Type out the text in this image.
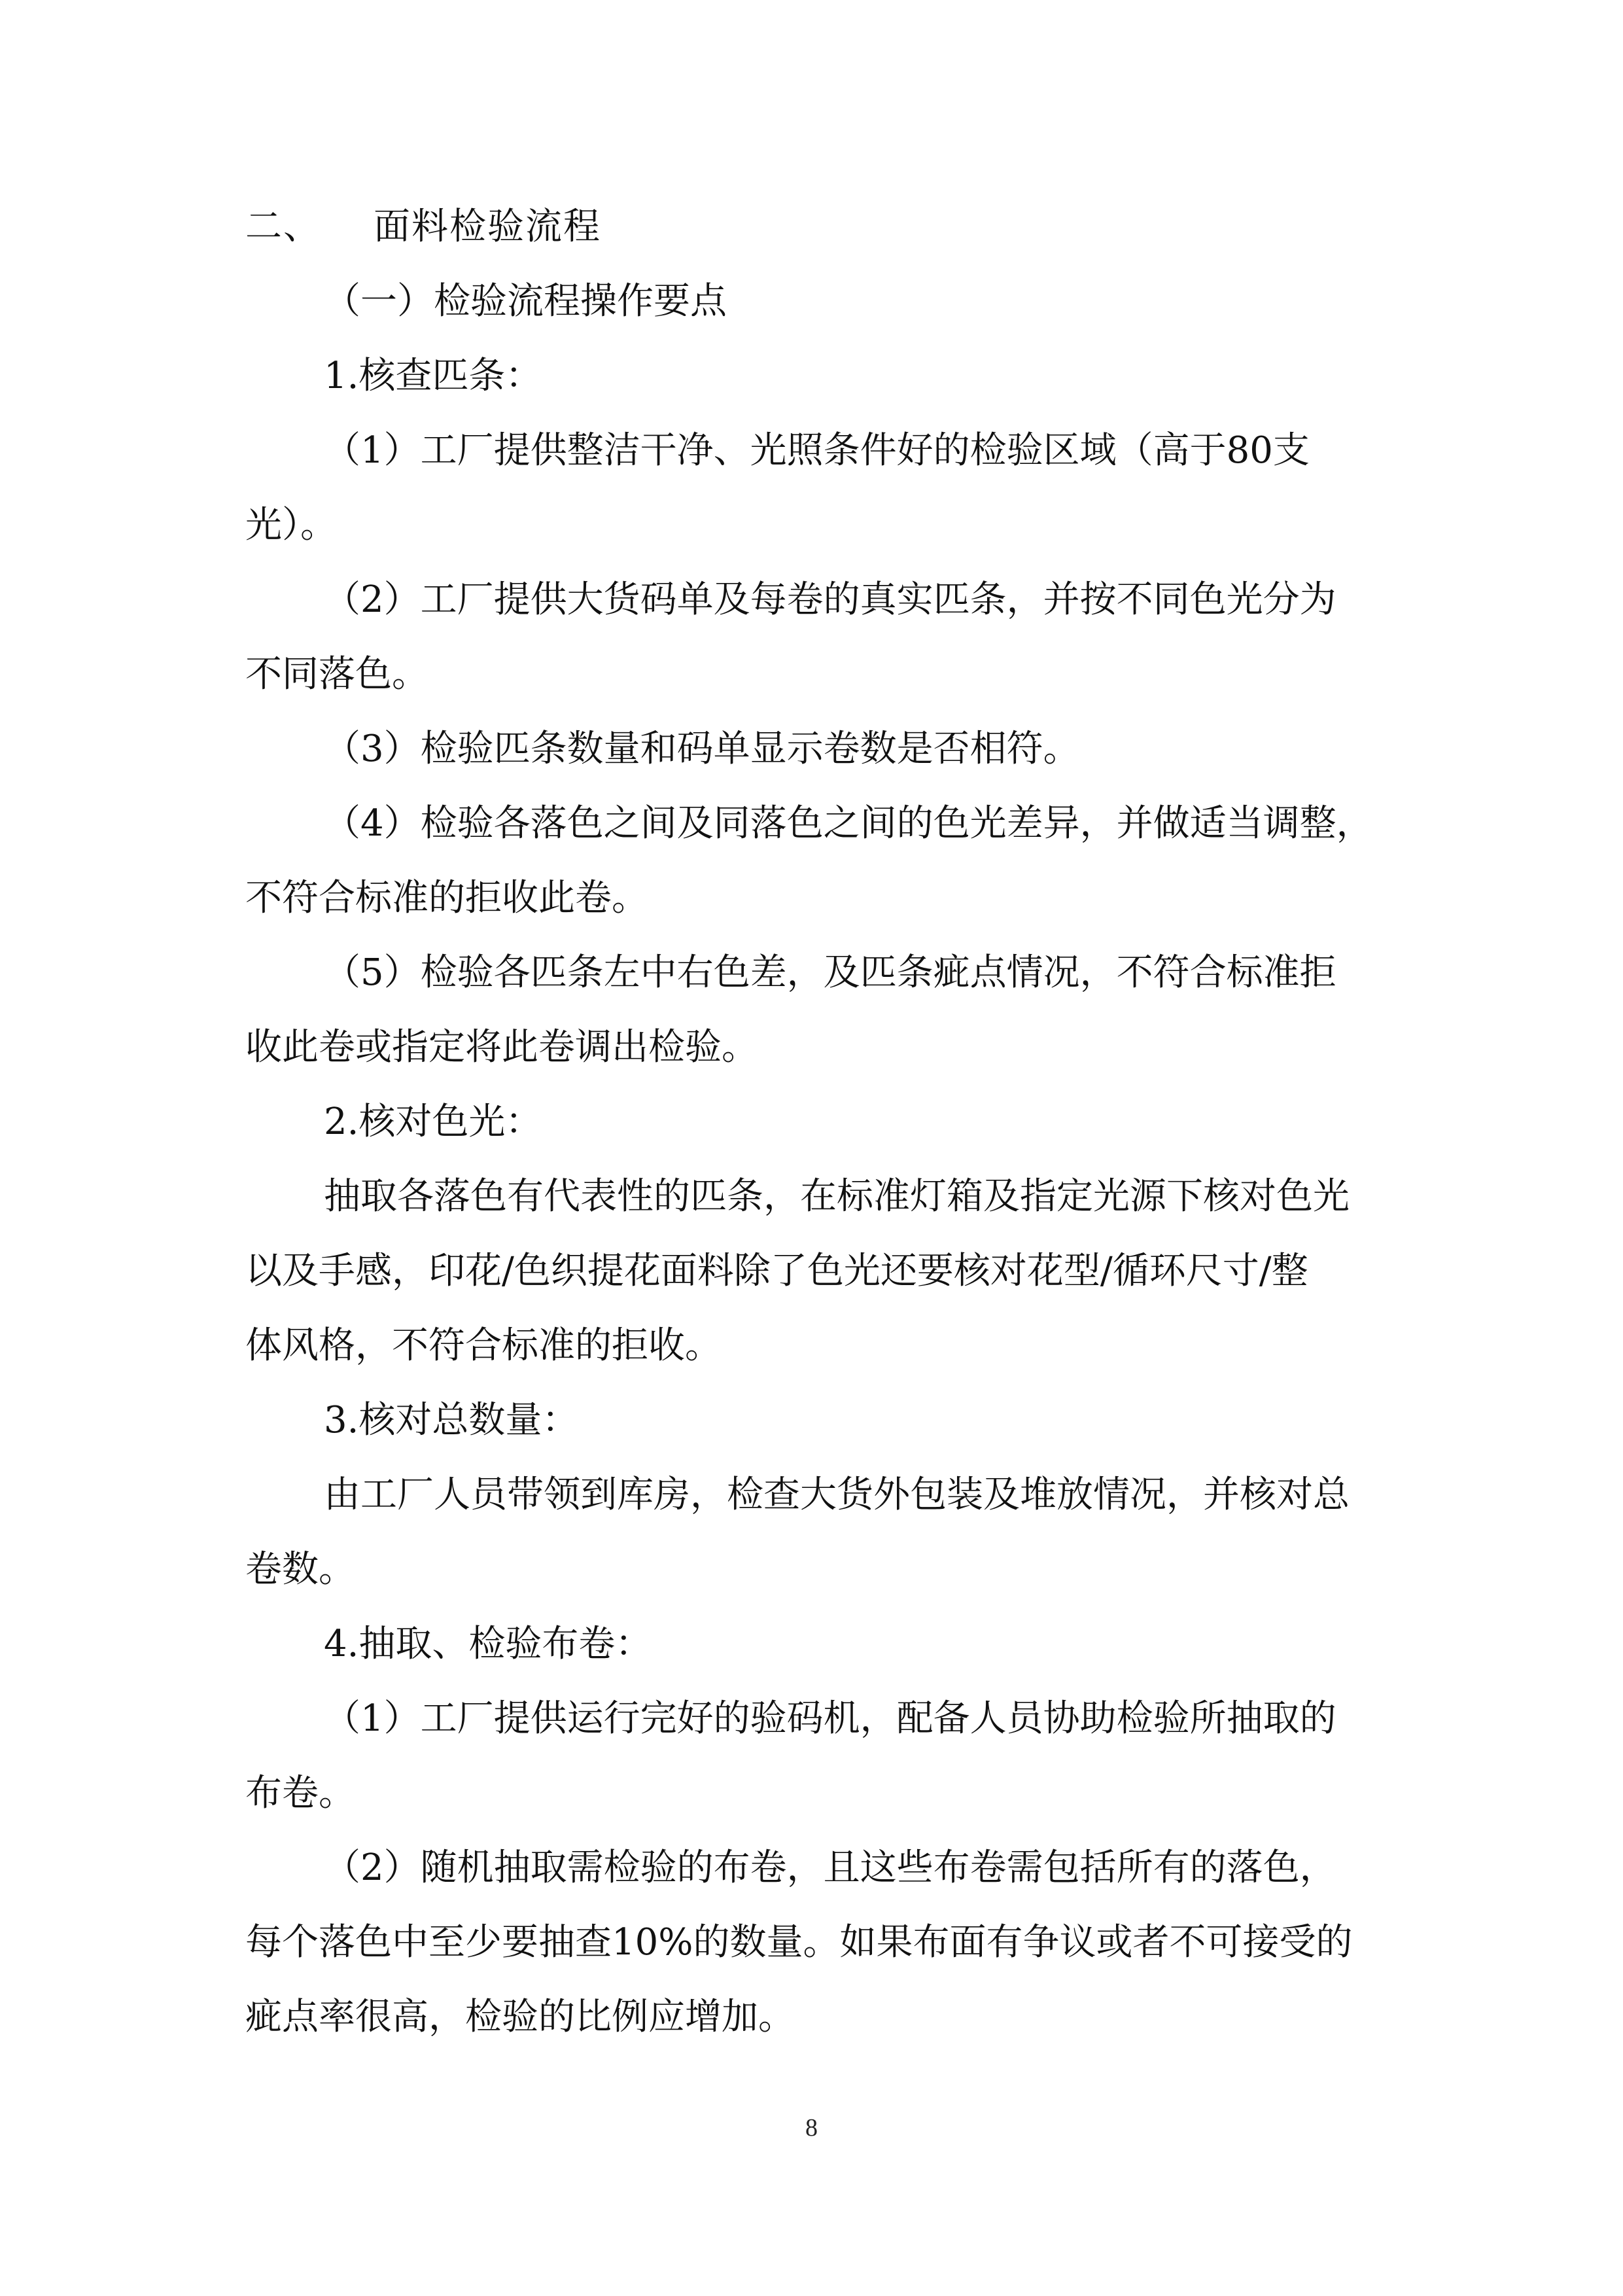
二、 面料检验流程
（一）检验流程操作要点
1.核查匹条：
（1）工厂提供整洁干净、光照条件好的检验区域（高于80支
光）。
（2）工厂提供大货码单及每卷的真实匹条，并按不同色光分为
不同落色。
（3）检验匹条数量和码单显示卷数是否相符。
（4）检验各落色之间及同落色之间的色光差异，并做适当调整，
不符合标准的拒收此卷。
（5）检验各匹条左中右色差，及匹条疵点情况，不符合标准拒
收此卷或指定将此卷调出检验。
2.核对色光：
抽取各落色有代表性的匹条，在标准灯箱及指定光源下核对色光
以及手感，印花/色织提花面料除了色光还要核对花型/循环尺寸/整
体风格，不符合标准的拒收。
3.核对总数量：
由工厂人员带领到库房，检查大货外包装及堆放情况，并核对总
卷数。
4.抽取、检验布卷：
（1）工厂提供运行完好的验码机，配备人员协助检验所抽取的
布卷。
（2）随机抽取需检验的布卷，且这些布卷需包括所有的落色，
每个落色中至少要抽查10%的数量。如果布面有争议或者不可接受的
疵点率很高，检验的比例应增加。
8
